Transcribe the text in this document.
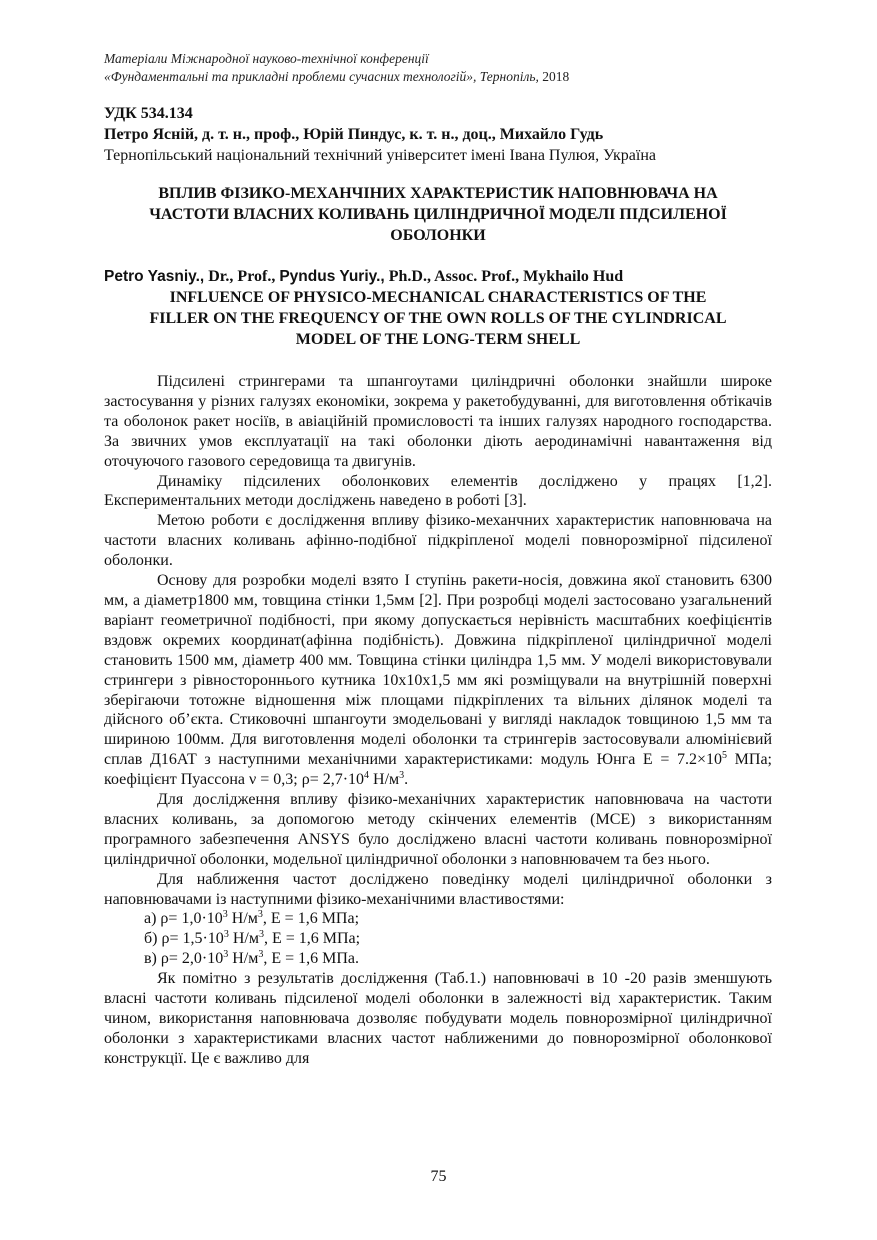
Матеріали Міжнародної науково-технічної конференції
«Фундаментальні та прикладні проблеми сучасних технологій», Тернопіль, 2018
УДК 534.134
Петро Ясній, д. т. н., проф., Юрій Пиндус, к. т. н., доц., Михайло Гудь
Тернопільський національний технічний університет імені Івана Пулюя, Україна
ВПЛИВ ФІЗИКО-МЕХАНЧІНИХ ХАРАКТЕРИСТИК НАПОВНЮВАЧА НА
ЧАСТОТИ ВЛАСНИХ КОЛИВАНЬ ЦИЛІНДРИЧНОЇ МОДЕЛІ ПІДСИЛЕНОЇ
ОБОЛОНКИ
Petro Yasniy., Dr., Prof., Pyndus Yuriy., Ph.D., Assoc. Prof., Mykhailo Hud
INFLUENCE OF PHYSICO-MECHANICAL CHARACTERISTICS OF THE
FILLER ON THE FREQUENCY OF THE OWN ROLLS OF THE CYLINDRICAL
MODEL OF THE LONG-TERM SHELL

Підсилені стрингерами та шпангоутами циліндричні оболонки знайшли широке застосування у різних галузях економіки, зокрема у ракетобудуванні, для виготовлення обтікачів та оболонок ракет носіїв, в авіаційній промисловості та інших галузях народного господарства. За звичних умов експлуатації на такі оболонки діють аеродинамічні навантаження від оточуючого газового середовища та двигунів.

Динаміку підсилених оболонкових елементів досліджено у працях [1,2]. Експериментальних методи досліджень наведено в роботі [3].

Метою роботи є дослідження впливу фізико-механчних характеристик наповнювача на частоти власних коливань афінно-подібної підкріпленої моделі повнорозмірної підсиленої оболонки.

Основу для розробки моделі взято І ступінь ракети-носія, довжина якої становить 6300 мм, а діаметр1800 мм, товщина стінки 1,5мм [2]. При розробці моделі застосовано узагальнений варіант геометричної подібності, при якому допускається нерівність масштабних коефіцієнтів вздовж окремих координат(афінна подібність). Довжина підкріпленої циліндричної моделі становить 1500 мм, діаметр 400 мм. Товщина стінки циліндра 1,5 мм. У моделі використовували стрингери з рівностороннього кутника 10x10x1,5 мм які розміщували на внутрішній поверхні зберігаючи тотожне відношення між площами підкріплених та вільних ділянок моделі та дійсного об’єкта. Стиковочні шпангоути змодельовані у вигляді накладок товщиною 1,5 мм та шириною 100мм. Для виготовлення моделі оболонки та стрингерів застосовували алюмінієвий сплав Д16АТ з наступними механічними характеристиками: модуль Юнга $E = 7.2\times 10^5$ МПа; коефіцієнт Пуассона ν = 0,3; $\rho= 2,7\cdot 10^4$ $Н/м^3$.

Для дослідження впливу фізико-механічних характеристик наповнювача на частоти власних коливань, за допомогою методу скінчених елементів (МСЕ) з використанням програмного забезпечення ANSYS було досліджено власні частоти коливань повнорозмірної циліндричної оболонки, модельної циліндричної оболонки з наповнювачем та без нього.

Для наближення частот досліджено поведінку моделі циліндричної оболонки з наповнювачами із наступними фізико-механічними властивостями:

а) $\rho= 1,0\cdot 10^3$ $Н/м^3$, E = 1,6 МПа;
б) $\rho= 1,5\cdot 10^3$ $Н/м^3$, E = 1,6 МПа;
в) $\rho= 2,0\cdot 10^3$ $Н/м^3$, E = 1,6 МПа.

Як помітно з результатів дослідження (Таб.1.) наповнювачі в 10 -20 разів зменшують власні частоти коливань підсиленої моделі оболонки в залежності від характеристик. Таким чином, використання наповнювача дозволяє побудувати модель повнорозмірної циліндричної оболонки з характеристиками власних частот наближеними до повнорозмірної оболонкової конструкції. Це є важливо для

75
